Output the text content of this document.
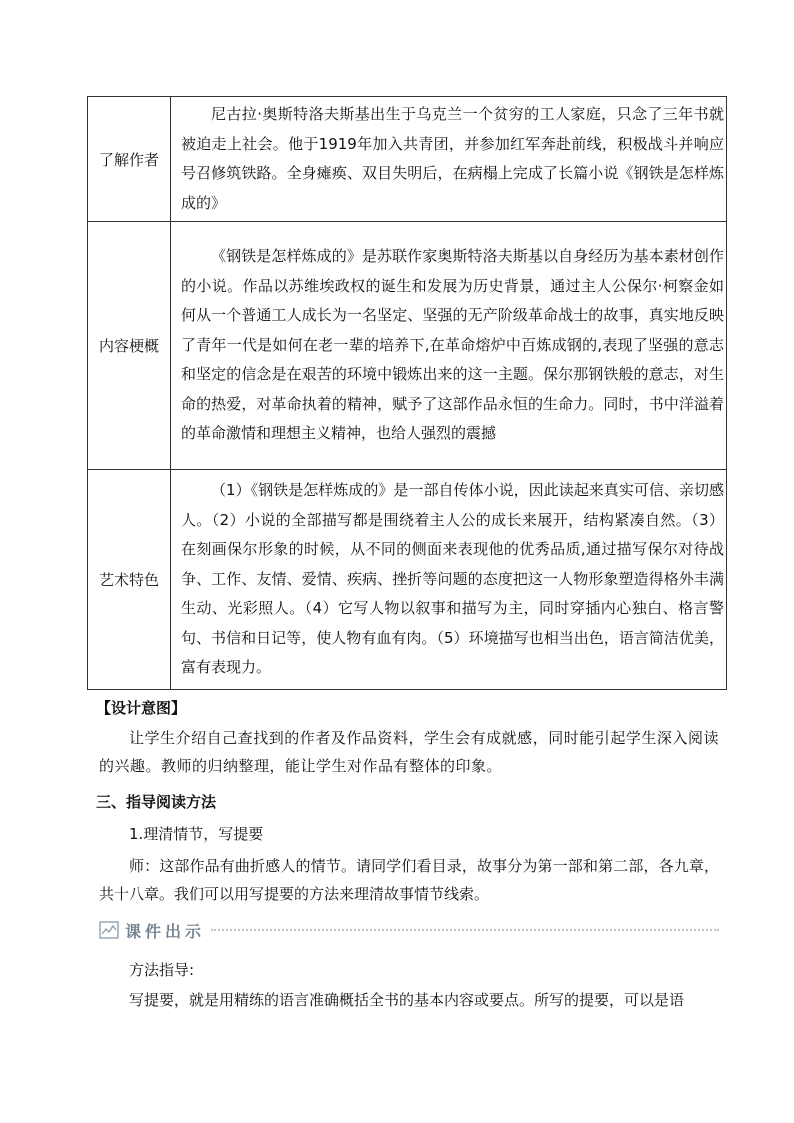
了解作者	尼古拉·奥斯特洛夫斯基出生于乌克兰一个贫穷的工人家庭，只念了三年书就被迫走上社会。他于1919年加入共青团，并参加红军奔赴前线，积极战斗并响应号召修筑铁路。全身瘫痪、双目失明后，在病榻上完成了长篇小说《钢铁是怎样炼成的》

内容梗概	《钢铁是怎样炼成的》是苏联作家奥斯特洛夫斯基以自身经历为基本素材创作的小说。作品以苏维埃政权的诞生和发展为历史背景，通过主人公保尔·柯察金如何从一个普通工人成长为一名坚定、坚强的无产阶级革命战士的故事，真实地反映了青年一代是如何在老一辈的培养下,在革命熔炉中百炼成钢的,表现了坚强的意志和坚定的信念是在艰苦的环境中锻炼出来的这一主题。保尔那钢铁般的意志，对生命的热爱，对革命执着的精神，赋予了这部作品永恒的生命力。同时，书中洋溢着的革命激情和理想主义精神，也给人强烈的震撼

艺术特色	（1）《钢铁是怎样炼成的》是一部自传体小说，因此读起来真实可信、亲切感人。（2）小说的全部描写都是围绕着主人公的成长来展开，结构紧凑自然。（3）在刻画保尔形象的时候，从不同的侧面来表现他的优秀品质,通过描写保尔对待战争、工作、友情、爱情、疾病、挫折等问题的态度把这一人物形象塑造得格外丰满生动、光彩照人。（4）它写人物以叙事和描写为主，同时穿插内心独白、格言警句、书信和日记等，使人物有血有肉。（5）环境描写也相当出色，语言简洁优美，富有表现力。

【设计意图】

让学生介绍自己查找到的作者及作品资料，学生会有成就感，同时能引起学生深入阅读的兴趣。教师的归纳整理，能让学生对作品有整体的印象。

三、指导阅读方法

1.理清情节，写提要

师：这部作品有曲折感人的情节。请同学们看目录，故事分为第一部和第二部，各九章，共十八章。我们可以用写提要的方法来理清故事情节线索。

课件出示

方法指导:

写提要，就是用精练的语言准确概括全书的基本内容或要点。所写的提要，可以是语
